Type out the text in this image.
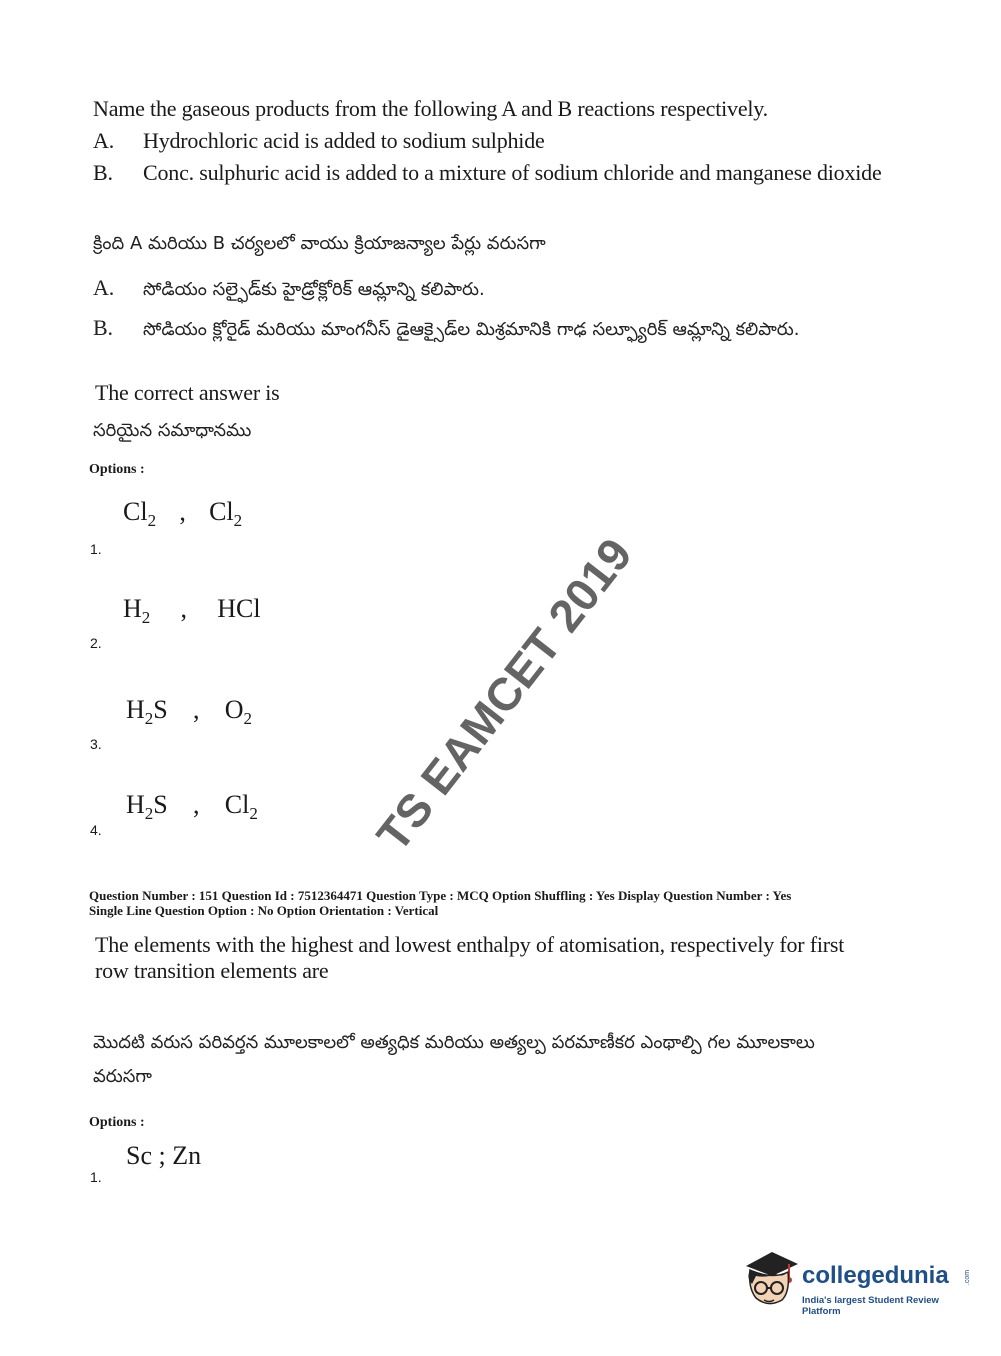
Name the gaseous products from the following A and B reactions respectively.
A. Hydrochloric acid is added to sodium sulphide
B. Conc. sulphuric acid is added to a mixture of sodium chloride and manganese dioxide
క్రింది A మరియు B చర్యలలో వాయు క్రియాజన్యాల పేర్లు వరుసగా
A. సోడియం సల్ఫైడ్‌కు హైడ్రోక్లోరిక్ ఆమ్లాన్ని కలిపారు.
B. సోడియం క్లోరైడ్ మరియు మాంగనీస్ డైఆక్సైడ్‌ల మిశ్రమానికి గాఢ సల్ఫ్యూరిక్ ఆమ్లాన్ని కలిపారు.
The correct answer is
సరియైన సమాధానము
Options :
$Cl_2$ , $Cl_2$
1.
$H_2$ , HCl
2.
$H_2S$ , $O_2$
3.
$H_2S$ , $Cl_2$
4.	TS EAMCET 2019
Question Number : 151 Question Id : 7512364471 Question Type : MCQ Option Shuffling : Yes Display Question Number : Yes
Single Line Question Option : No Option Orientation : Vertical
The elements with the highest and lowest enthalpy of atomisation, respectively for first
row transition elements are
మొదటి వరుస పరివర్తన మూలకాలలో అత్యధిక మరియు అత్యల్ప పరమాణీకర ఎంథాల్పి గల మూలకాలు
వరుసగా
Options :
Sc ; Zn
1.
collegedunia .com
India's largest Student Review Platform
